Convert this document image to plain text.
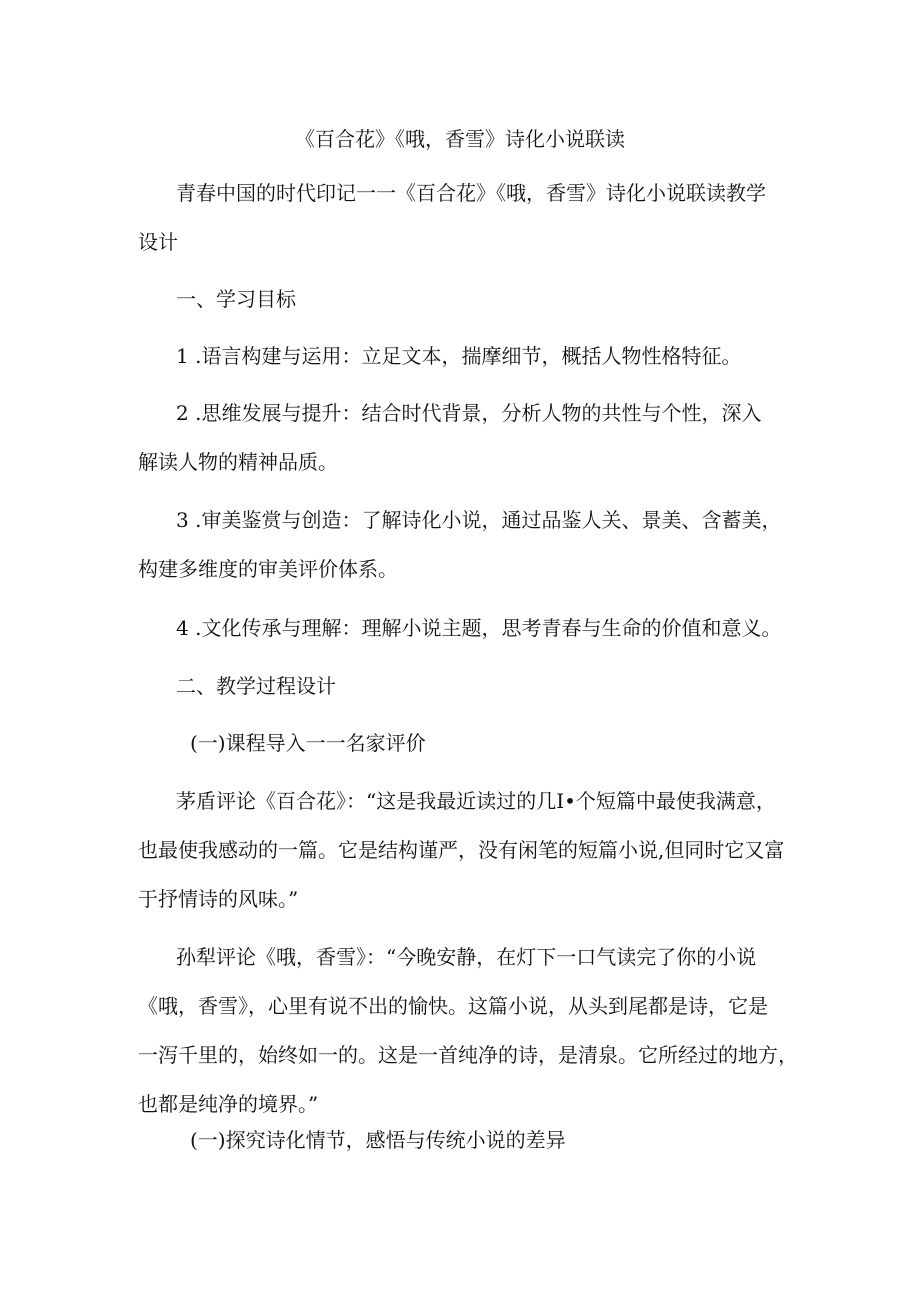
《百合花》《哦，香雪》诗化小说联读
青春中国的时代印记一一《百合花》《哦，香雪》诗化小说联读教学
设计
一、学习目标
1 .语言构建与运用：立足文本，揣摩细节，概括人物性格特征。
2 .思维发展与提升：结合时代背景，分析人物的共性与个性，深入
解读人物的精神品质。
3 .审美鉴赏与创造：了解诗化小说，通过品鉴人关、景美、含蓄美，
构建多维度的审美评价体系。
4 .文化传承与理解：理解小说主题，思考青春与生命的价值和意义。
二、教学过程设计
(一)课程导入一一名家评价
茅盾评论《百合花》：“这是我最近读过的几I•个短篇中最使我满意，
也最使我感动的一篇。它是结构谨严，没有闲笔的短篇小说,但同时它又富
于抒情诗的风味。”
孙犁评论《哦，香雪》：“今晚安静，在灯下一口气读完了你的小说
《哦，香雪》，心里有说不出的愉快。这篇小说，从头到尾都是诗，它是
一泻千里的，始终如一的。这是一首纯净的诗，是清泉。它所经过的地方，
也都是纯净的境界。”
(一)探究诗化情节，感悟与传统小说的差异
